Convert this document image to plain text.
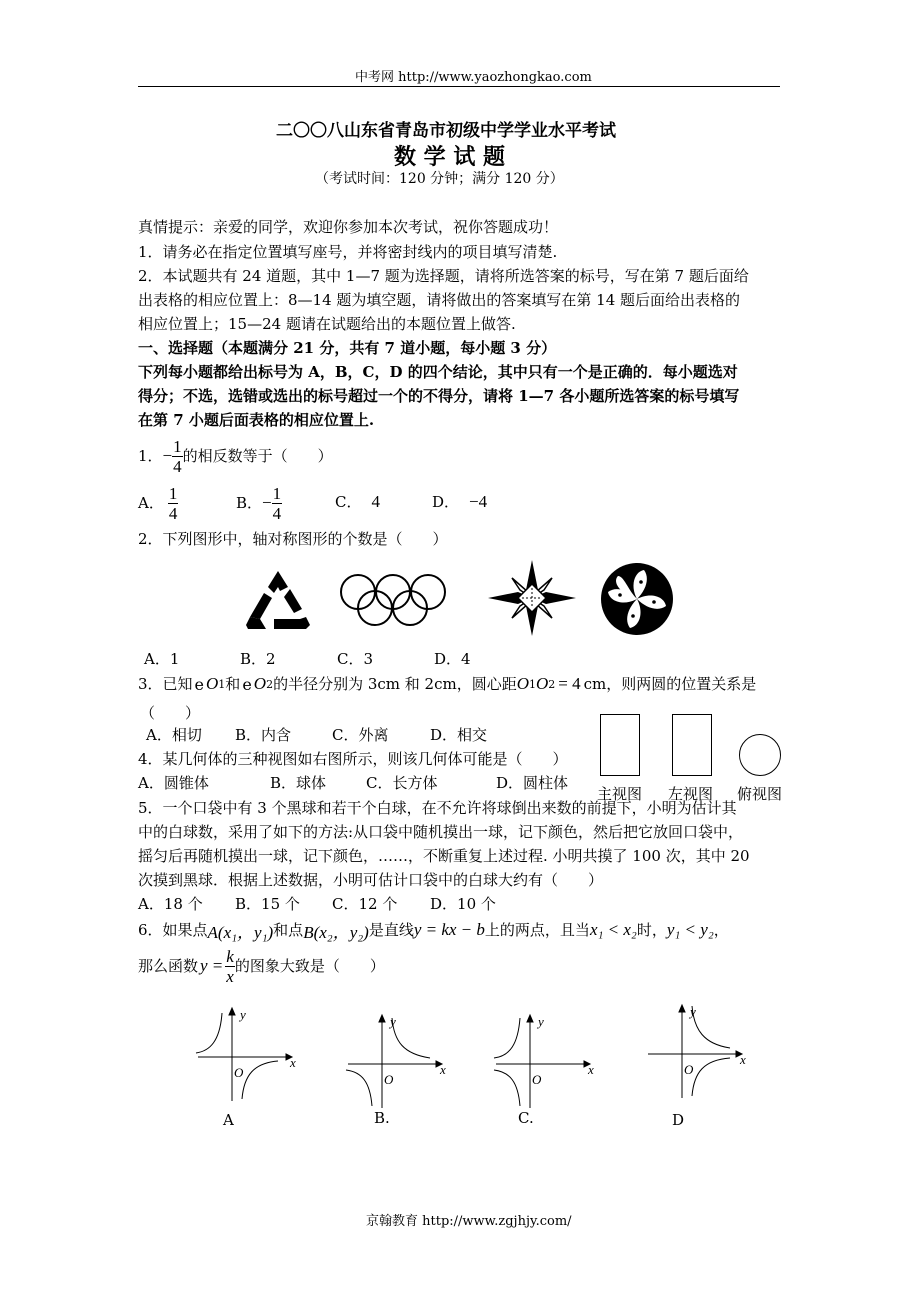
中考网 http://www.yaozhongkao.com
二〇〇八山东省青岛市初级中学学业水平考试
数 学 试 题
（考试时间：120 分钟；满分 120 分）
真情提示：亲爱的同学，欢迎你参加本次考试，祝你答题成功！
1．请务必在指定位置填写座号，并将密封线内的项目填写清楚.
2．本试题共有 24 道题，其中 1—7 题为选择题，请将所选答案的标号，写在第 7 题后面给
出表格的相应位置上：8—14 题为填空题，请将做出的答案填写在第 14 题后面给出表格的
相应位置上；15—24 题请在试题给出的本题位置上做答.
一、选择题（本题满分 21 分，共有 7 道小题，每小题 3 分）
下列每小题都给出标号为 A，B，C，D 的四个结论，其中只有一个是正确的．每小题选对
得分；不选，选错或选出的标号超过一个的不得分，请将 1—7 各小题所选答案的标号填写
在第 7 小题后面表格的相应位置上.
1． − $\frac{1}{4}$ 的相反数等于（　　）
A． $\frac{1}{4}$	B． − $\frac{1}{4}$	C． 4	D． −4
2．下列图形中，轴对称图形的个数是（　　）
A．1	B．2	C．3	D．4
3．已知 e O 1 和 e O 2 的半径分别为 3cm 和 2cm，圆心距 O 1 O 2 = 4 cm，则两圆的位置关系是
（　　）
A．相切 B．内含	C．外离	D．相交
4．某几何体的三种视图如右图所示，则该几何体可能是（　　）
A．圆锥体	B．球体	C．长方体	D．圆柱体
主视图 左视图 俯视图
5．一个口袋中有 3 个黑球和若干个白球，在不允许将球倒出来数的前提下，小明为估计其
中的白球数，采用了如下的方法:从口袋中随机摸出一球，记下颜色，然后把它放回口袋中，
摇匀后再随机摸出一球，记下颜色，……，不断重复上述过程. 小明共摸了 100 次，其中 20
次摸到黑球．根据上述数据，小明可估计口袋中的白球大约有（　　）
A．18 个 B．15 个 C．12 个 D．10 个
6．如果点 A(x₁，y₁) 和点 B(x₂，y₂) 是直线 y = kx − b 上的两点，且当 x₁ < x₂ 时， y₁ < y₂ ，
那么函数 $y = \frac{k}{x}$ 的图象大致是（　　）
y
x
O
y
x
O
y
x
O
y
x
O
A	B.	C.	D
京翰教育 http://www.zgjhjy.com/
